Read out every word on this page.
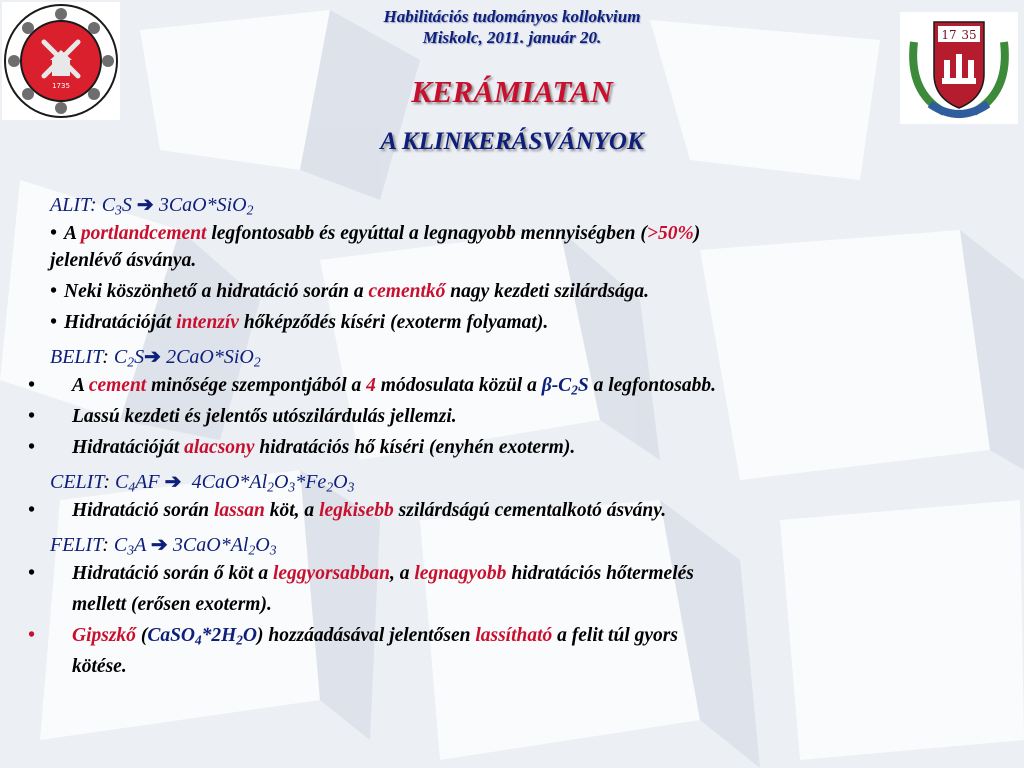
1735
17 35
Habilitációs tudományos kollokvium
Miskolc, 2011. január 20.
KERÁMIATAN
A KLINKERÁSVÁNYOK
ALIT: $C_3S$ ➔ 3CaO*SiO$_2$
• A portlandcement legfontosabb és egyúttal a legnagyobb mennyiségben (>50%)
jelenlévő ásványa.
• Neki köszönhető a hidratáció során a cementkő nagy kezdeti szilárdsága.
• Hidratációját intenzív hőképződés kíséri (exoterm folyamat).
BELIT: $C_2S➔$ 2CaO*SiO$_2$
• A cement minősége szempontjából a 4 módosulata közül a $\beta-C_2S$ a legfontosabb.
• Lassú kezdeti és jelentős utószilárdulás jellemzi.
• Hidratációját alacsony hidratációs hő kíséri (enyhén exoterm).
CELIT: $C_4AF$ ➔ $4CaO*Al_2O_3*Fe_2O_3$
• Hidratáció során lassan köt, a legkisebb szilárdságú cementalkotó ásvány.
FELIT: $C_3A$ ➔ $3CaO*Al_2O_3$
• Hidratáció során ő köt a leggyorsabban, a legnagyobb hidratációs hőtermelés
mellett (erősen exoterm).
• Gipszkő $(CaSO_4*2H_2O)$ hozzáadásával jelentősen lassítható a felit túl gyors
kötése.
